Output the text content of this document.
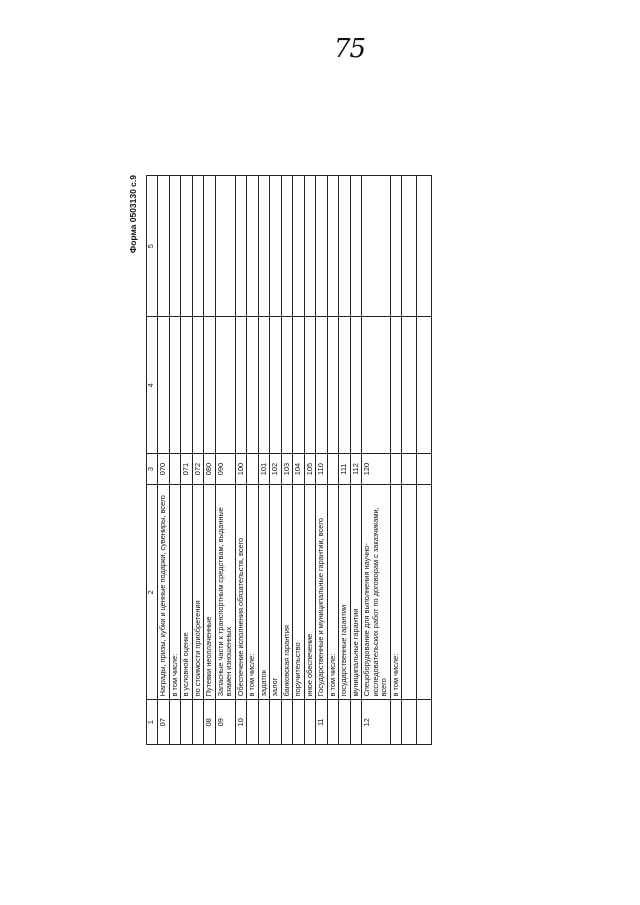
75
Форма 0503130 с.9
1	2	3	4	5
07	Награды, призы, кубки и ценные подарки, сувениры, всего	070		
	в том числе:			
	в условной оценке	071		
	по стоимости приобретения	072		
08	Путевки неоплаченные	080		
09	Запасные части к транспортным средствам, выданные взамен изношенных	090		
10	Обеспечение исполнения обязательств, всего	100		
	в том числе:			
	задаток	101		
	залог	102		
	банковская гарантия	103		
	поручительство	104		
	иное обеспечение	105		
11	Государственные и муниципальные гарантии, всего	110		
	в том числе:			
	государственные гарантии	111		
	муниципальные гарантии	112		
12	Спецоборудование для выполнения научно-исследовательских работ по договорам с заказчиками, всего	120		
	в том числе:			
